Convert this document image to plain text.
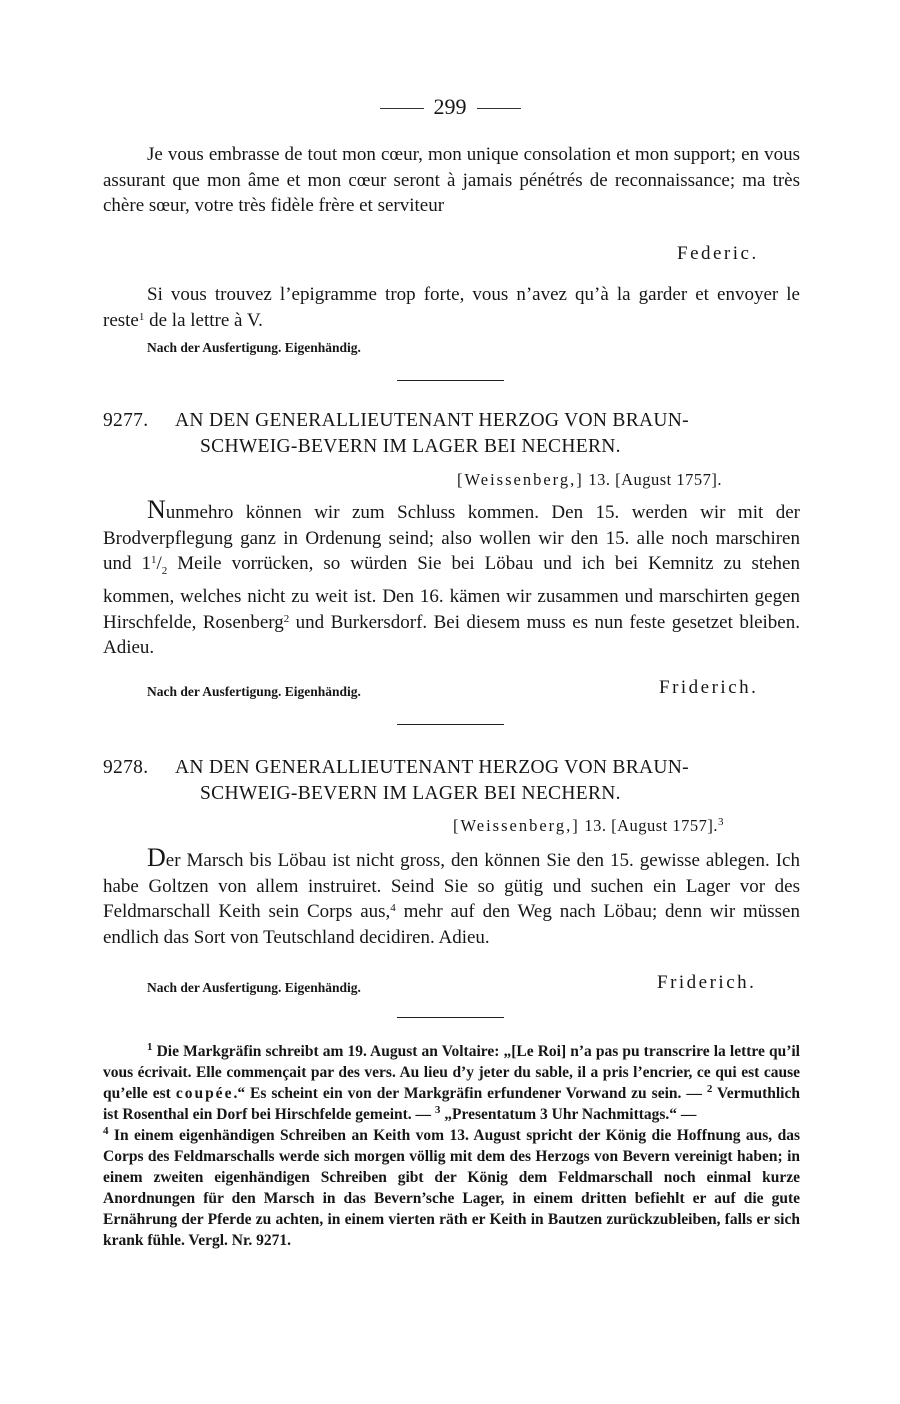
299

Je vous embrasse de tout mon cœur, mon unique consolation et mon support; en vous assurant que mon âme et mon cœur seront à jamais pénétrés de reconnaissance; ma très chère sœur, votre très fidèle frère et serviteur

Federic.

Si vous trouvez l’epigramme trop forte, vous n’avez qu’à la garder et envoyer le reste$^1$ de la lettre à V.

Nach der Ausfertigung. Eigenhändig.
9277. AN DEN GENERALLIEUTENANT HERZOG VON BRAUN-
SCHWEIG-BEVERN IM LAGER BEI NECHERN.
[Weissenberg,] 13. [August 1757].

Nunmehro können wir zum Schluss kommen. Den 15. werden wir mit der Brodverpflegung ganz in Ordenung seind; also wollen wir den 15. alle noch marschiren und $1^1/_2$ Meile vorrücken, so würden Sie bei Löbau und ich bei Kemnitz zu stehen kommen, welches nicht zu weit ist. Den 16. kämen wir zusammen und marschirten gegen Hirschfelde, Rosenberg$^2$ und Burkersdorf. Bei diesem muss es nun feste gesetzet bleiben. Adieu.

Nach der Ausfertigung. Eigenhändig.	Friderich.
9278. AN DEN GENERALLIEUTENANT HERZOG VON BRAUN-
SCHWEIG-BEVERN IM LAGER BEI NECHERN.
[Weissenberg,] 13. [August 1757].$^3$

Der Marsch bis Löbau ist nicht gross, den können Sie den 15. gewisse ablegen. Ich habe Goltzen von allem instruiret. Seind Sie so gütig und suchen ein Lager vor des Feldmarschall Keith sein Corps aus,$^4$ mehr auf den Weg nach Löbau; denn wir müssen endlich das Sort von Teutschland decidiren. Adieu.

Nach der Ausfertigung. Eigenhändig.	Friderich.

$^1$ Die Markgräfin schreibt am 19. August an Voltaire: „[Le Roi] n’a pas pu transcrire la lettre qu’il vous écrivait. Elle commençait par des vers. Au lieu d’y jeter du sable, il a pris l’encrier, ce qui est cause qu’elle est coupée.“ Es scheint ein von der Markgräfin erfundener Vorwand zu sein. — $^2$ Vermuthlich ist Rosenthal ein Dorf bei Hirschfelde gemeint. — $^3$ „Presentatum 3 Uhr Nachmittags.“ —
$^4$ In einem eigenhändigen Schreiben an Keith vom 13. August spricht der König die Hoffnung aus, das Corps des Feldmarschalls werde sich morgen völlig mit dem des Herzogs von Bevern vereinigt haben; in einem zweiten eigenhändigen Schreiben gibt der König dem Feldmarschall noch einmal kurze Anordnungen für den Marsch in das Bevern’sche Lager, in einem dritten befiehlt er auf die gute Ernährung der Pferde zu achten, in einem vierten räth er Keith in Bautzen zurückzubleiben, falls er sich krank fühle. Vergl. Nr. 9271.
